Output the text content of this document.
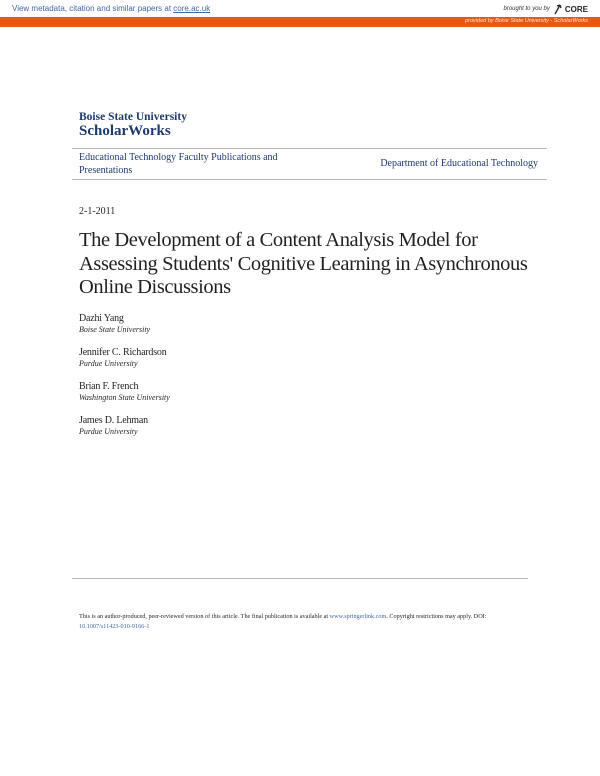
View metadata, citation and similar papers at core.ac.uk	brought to you by CORE
provided by Boise State University - ScholarWorks
Boise State University
ScholarWorks
Educational Technology Faculty Publications and Presentations
Department of Educational Technology
2-1-2011
The Development of a Content Analysis Model for Assessing Students' Cognitive Learning in Asynchronous Online Discussions
Dazhi Yang
Boise State University
Jennifer C. Richardson
Purdue University
Brian F. French
Washington State University
James D. Lehman
Purdue University
This is an author-produced, peer-reviewed version of this article. The final publication is available at www.springerlink.com. Copyright restrictions may apply. DOI: 10.1007/s11423-010-9166-1
